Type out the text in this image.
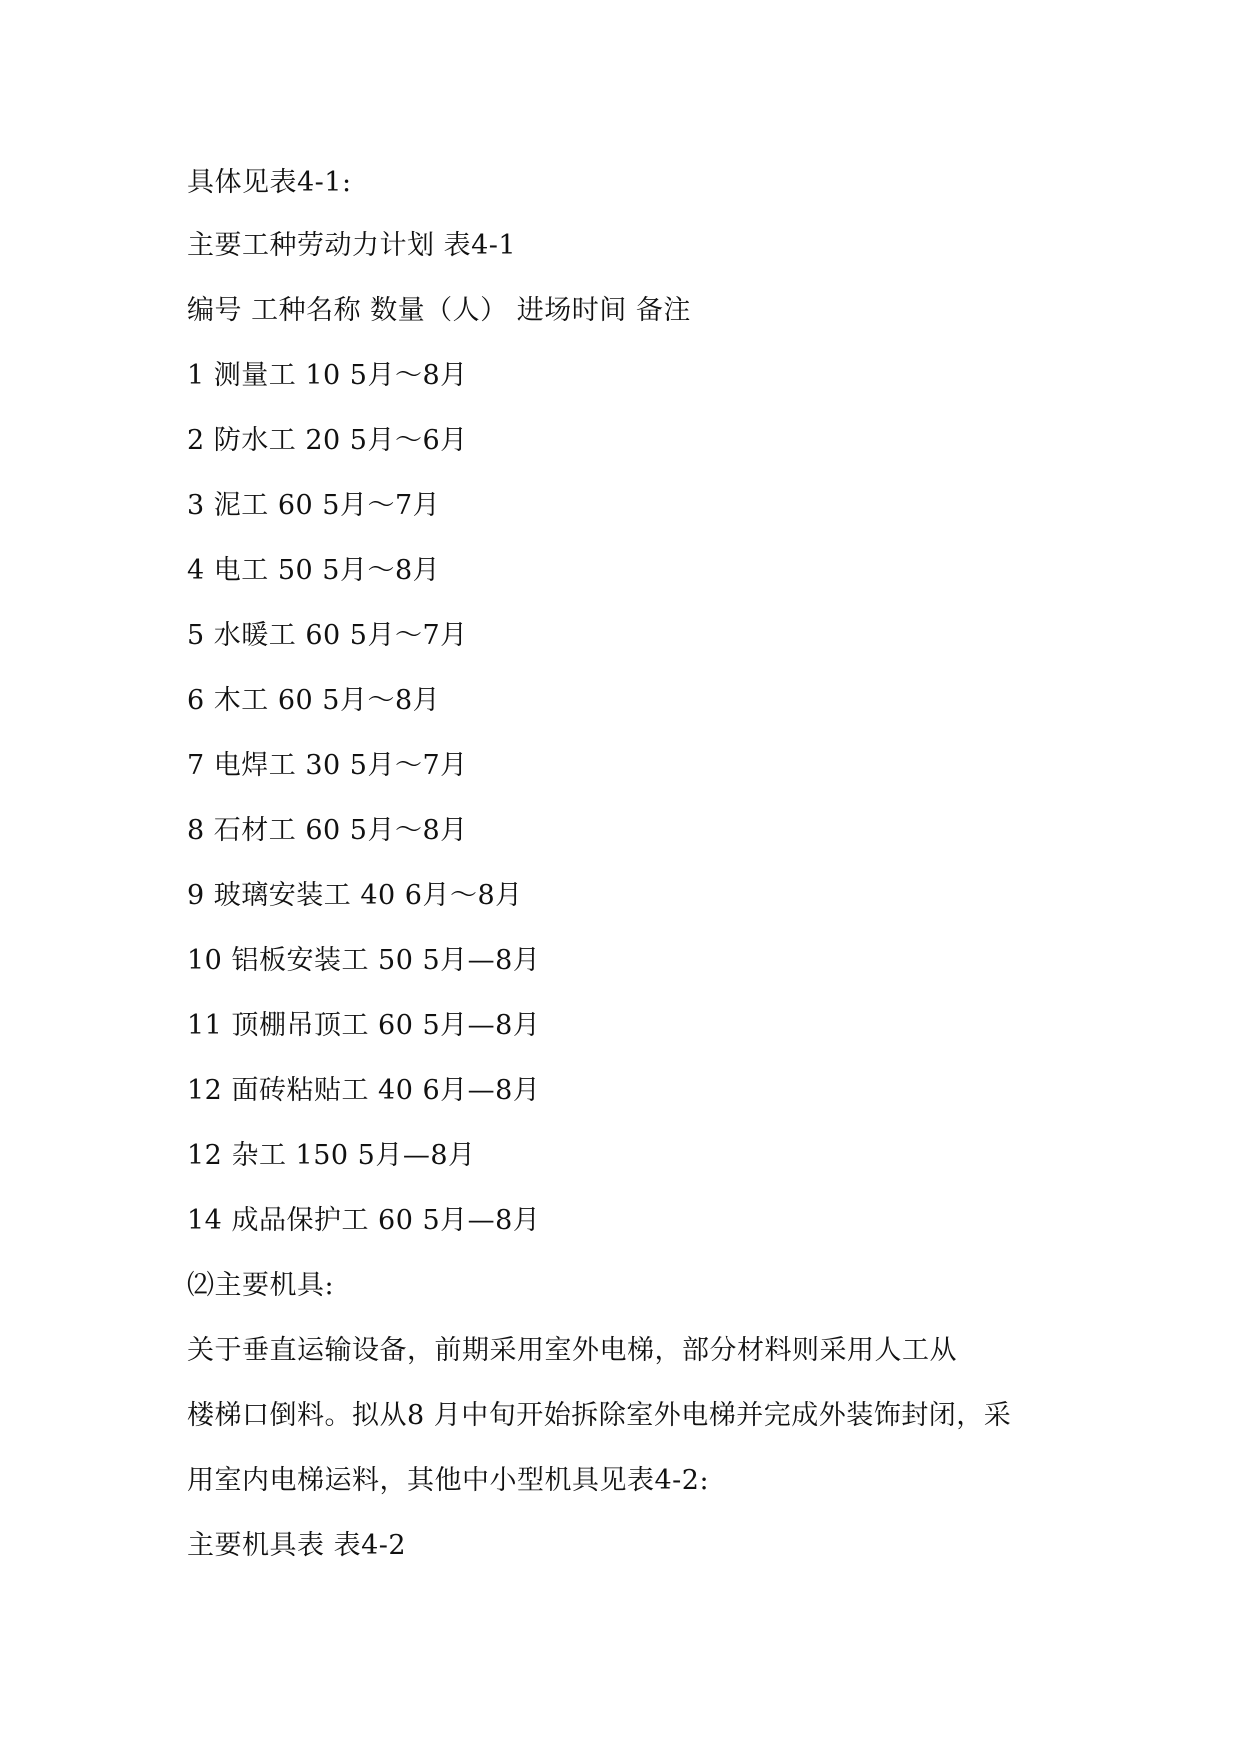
具体见表4-1:
主要工种劳动力计划 表4-1
编号 工种名称 数量（人） 进场时间 备注
1 测量工 10 5月～8月
2 防水工 20 5月～6月
3 泥工 60 5月～7月
4 电工 50 5月～8月
5 水暖工 60 5月～7月
6 木工 60 5月～8月
7 电焊工 30 5月～7月
8 石材工 60 5月～8月
9 玻璃安装工 40 6月～8月
10 铝板安装工 50 5月—8月
11 顶棚吊顶工 60 5月—8月
12 面砖粘贴工 40 6月—8月
12 杂工 150 5月—8月
14 成品保护工 60 5月—8月
⑵主要机具:
关于垂直运输设备，前期采用室外电梯，部分材料则采用人工从
楼梯口倒料。拟从8 月中旬开始拆除室外电梯并完成外装饰封闭，采
用室内电梯运料，其他中小型机具见表4-2:
主要机具表 表4-2
